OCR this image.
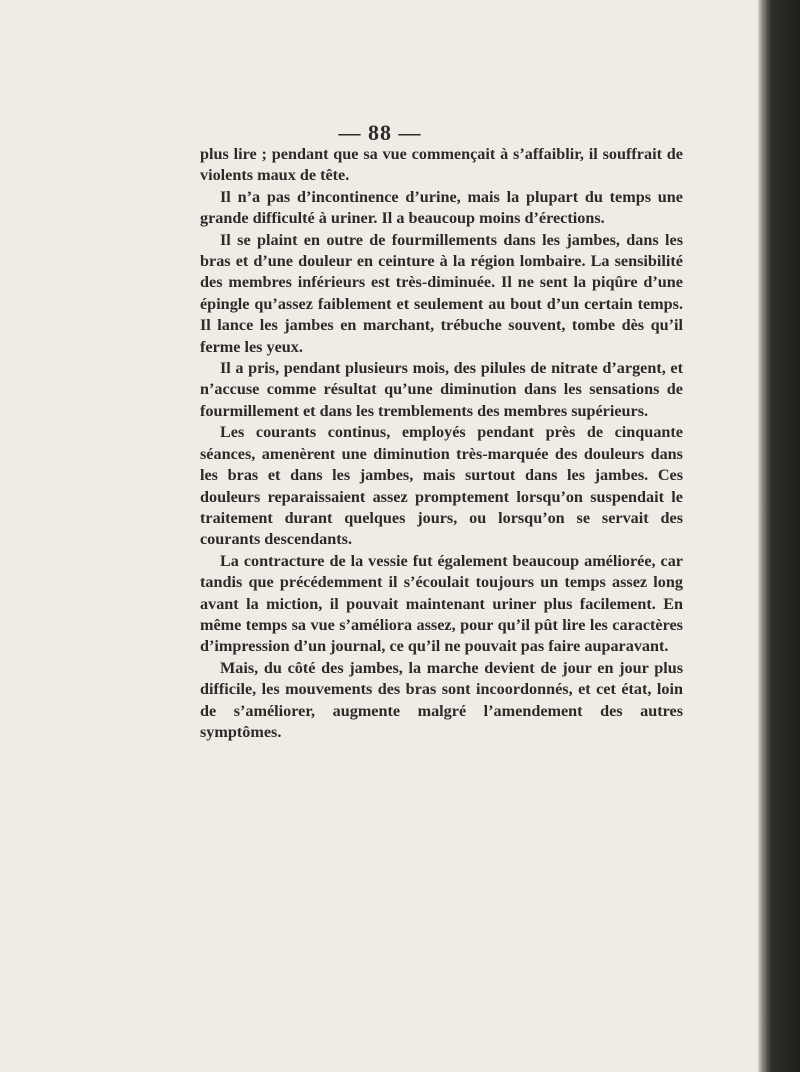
— 88 —

plus lire ; pendant que sa vue commençait à s’affaiblir, il souffrait de violents maux de tête.

Il n’a pas d’incontinence d’urine, mais la plupart du temps une grande difficulté à uriner. Il a beaucoup moins d’érections.

Il se plaint en outre de fourmillements dans les jambes, dans les bras et d’une douleur en ceinture à la région lombaire. La sensibilité des membres inférieurs est très-diminuée. Il ne sent la piqûre d’une épingle qu’assez faiblement et seulement au bout d’un certain temps. Il lance les jambes en marchant, trébuche souvent, tombe dès qu’il ferme les yeux.

Il a pris, pendant plusieurs mois, des pilules de nitrate d’argent, et n’accuse comme résultat qu’une diminution dans les sensations de fourmillement et dans les tremblements des membres supérieurs.

Les courants continus, employés pendant près de cinquante séances, amenèrent une diminution très-marquée des douleurs dans les bras et dans les jambes, mais surtout dans les jambes. Ces douleurs reparaissaient assez promptement lorsqu’on suspendait le traitement durant quelques jours, ou lorsqu’on se servait des courants descendants.

La contracture de la vessie fut également beaucoup améliorée, car tandis que précédemment il s’écoulait toujours un temps assez long avant la miction, il pouvait maintenant uriner plus facilement. En même temps sa vue s’améliora assez, pour qu’il pût lire les caractères d’impression d’un journal, ce qu’il ne pouvait pas faire auparavant.

Mais, du côté des jambes, la marche devient de jour en jour plus difficile, les mouvements des bras sont incoordonnés, et cet état, loin de s’améliorer, augmente malgré l’amendement des autres symptômes.
